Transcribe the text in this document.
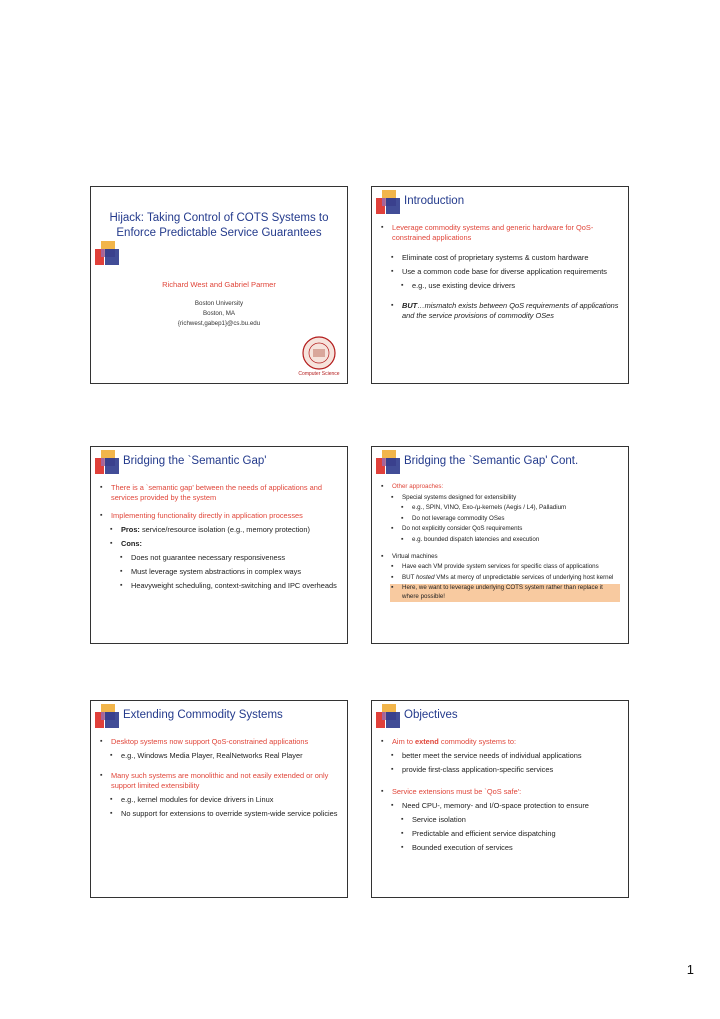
Hijack: Taking Control of COTS Systems to Enforce Predictable Service Guarantees
Richard West and Gabriel Parmer
Boston University
Boston, MA
{richwest,gabep1}@cs.bu.edu
Computer Science
Introduction
▪ Leverage commodity systems and generic hardware for QoS-constrained applications
▪ Eliminate cost of proprietary systems & custom hardware
▪ Use a common code base for diverse application requirements
▪ e.g., use existing device drivers
▪ BUT…mismatch exists between QoS requirements of applications and the service provisions of commodity OSes
Bridging the `Semantic Gap'
▪ There is a `semantic gap' between the needs of applications and services provided by the system
▪ Implementing functionality directly in application processes
▪ Pros: service/resource isolation (e.g., memory protection)
▪ Cons:
▪ Does not guarantee necessary responsiveness
▪ Must leverage system abstractions in complex ways
▪ Heavyweight scheduling, context-switching and IPC overheads
Bridging the `Semantic Gap' Cont.
▪ Other approaches:
▪ Special systems designed for extensibility
▪ e.g., SPIN, VINO, Exo-/µ-kernels (Aegis / L4), Palladium
▪ Do not leverage commodity OSes
▪ Do not explicitly consider QoS requirements
▪ e.g. bounded dispatch latencies and execution
▪ Virtual machines
▪ Have each VM provide system services for specific class of applications
▪ BUT hosted VMs at mercy of unpredictable services of underlying host kernel
▪ Here, we want to leverage underlying COTS system rather than replace it where possible!
Extending Commodity Systems
▪ Desktop systems now support QoS-constrained applications
▪ e.g., Windows Media Player, RealNetworks Real Player
▪ Many such systems are monolithic and not easily extended or only support limited extensibility
▪ e.g., kernel modules for device drivers in Linux
▪ No support for extensions to override system-wide service policies
Objectives
▪ Aim to extend commodity systems to:
▪ better meet the service needs of individual applications
▪ provide first-class application-specific services
▪ Service extensions must be `QoS safe':
▪ Need CPU-, memory- and I/O-space protection to ensure
▪ Service isolation
▪ Predictable and efficient service dispatching
▪ Bounded execution of services
1
